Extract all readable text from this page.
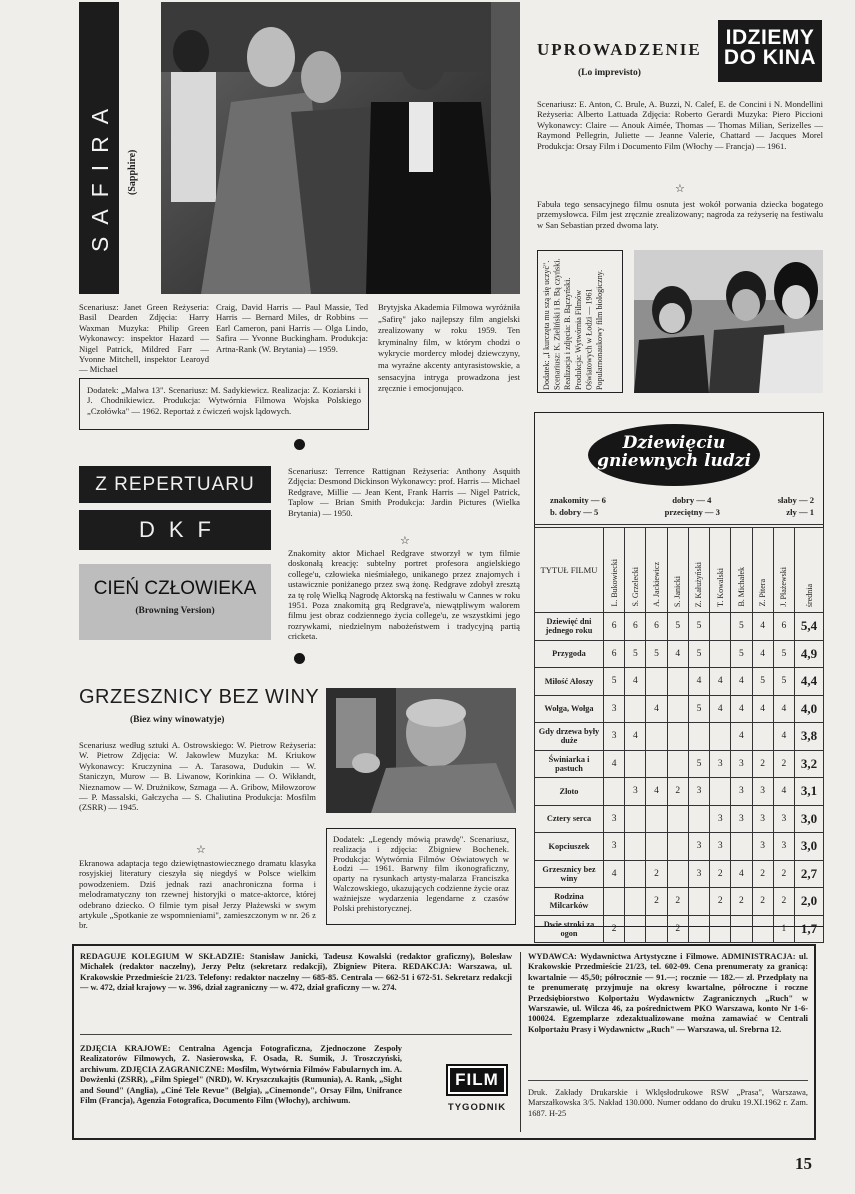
SAFIRA (Sapphire)
Scenariusz: Janet Green Reżyseria: Basil Dearden Zdjęcia: Harry Waxman Muzyka: Philip Green Wykonawcy: inspektor Hazard — Nigel Patrick, Mildred Farr — Yvonne Mitchell, inspektor Learoyd — Michael
Craig, David Harris — Paul Massie, Ted Harris — Bernard Miles, dr Robbins — Earl Cameron, pani Harris — Olga Lindo, Safira — Yvonne Buckingham. Produkcja: Artna-Rank (W. Brytania) — 1959.
Brytyjska Akademia Filmowa wyróżniła „Safirę" jako najlepszy film angielski zrealizowany w roku 1959. Ten kryminalny film, w którym chodzi o wykrycie mordercy młodej dziewczyny, ma wyraźne akcenty antyrasistowskie, a sensacyjna intryga prowadzona jest zręcznie i emocjonująco.
Dodatek: „Malwa 13". Scenariusz: M. Sadykiewicz. Realizacja: Z. Koziarski i J. Chodnikiewicz. Produkcja: Wytwórnia Filmowa Wojska Polskiego „Czołówka" — 1962. Reportaż z ćwiczeń wojsk lądowych.
UPROWADZENIE
(Lo imprevisto)
IDZIEMY
DO KINA
Scenariusz: E. Anton, C. Brule, A. Buzzi, N. Calef, E. de Concini i N. Mondellini Reżyseria: Alberto Lattuada Zdjęcia: Roberto Gerardi Muzyka: Piero Piccioni Wykonawcy: Claire — Anouk Aimée, Thomas — Thomas Milian, Serizelles — Raymond Pellegrin, Juliette — Jeanne Valerie, Chattard — Jacques Morel Produkcja: Orsay Film i Documento Film (Włochy — Francja) — 1961.
☆
Fabuła tego sensacyjnego filmu osnuta jest wokół porwania dziecka bogatego przemysłowca. Film jest zręcznie zrealizowany; nagroda za reżyserię na festiwalu w San Sebastian przed dwoma laty.
Dodatek: „I kurczęta mu szą się uczyć". Scenariusz: K. Zieliński i B. Bą czyński. Realizacja i zdjęcia: B. Bączyński. Produkcja: Wytwórnia Filmów Oświatowych w Łodzi — 1961 Popularnonaukowy film biologiczny.
Z REPERTUARU
DKF
CIEŃ CZŁOWIEKA
(Browning Version)
Scenariusz: Terrence Rattignan Reżyseria: Anthony Asquith Zdjęcia: Desmond Dickinson Wykonawcy: prof. Harris — Michael Redgrave, Millie — Jean Kent, Frank Harris — Nigel Patrick, Taplow — Brian Smith Produkcja: Jardin Pictures (Wielka Brytania) — 1950.
☆
Znakomity aktor Michael Redgrave stworzył w tym filmie doskonałą kreację: subtelny portret profesora angielskiego college'u, człowieka nieśmiałego, unikanego przez znajomych i ustawicznie poniżanego przez swą żonę. Redgrave zdobył zresztą za tę rolę Wielką Nagrodę Aktorską na festiwalu w Cannes w roku 1951. Poza znakomitą grą Redgrave'a, niewątpliwym walorem filmu jest obraz codziennego życia college'u, ze wszystkimi jego rozrywkami, niedzielnym nabożeństwem i tradycyjną partią cricketa.
GRZESZNICY BEZ WINY
(Biez winy winowatyje)
Scenariusz według sztuki A. Ostrowskiego: W. Pietrow Reżyseria: W. Pietrow Zdjęcia: W. Jakowlew Muzyka: M. Kriukow Wykonawcy: Kruczynina — A. Tarasowa, Dudukin — W. Staniczyn, Murow — B. Liwanow, Korinkina — O. Wikłandt, Nieznamow — W. Drużnikow, Szmaga — A. Gribow, Miłowzorow — P. Massalski, Gałczycha — S. Chaliutina Produkcja: Mosfilm (ZSRR) — 1945.
☆
Ekranowa adaptacja tego dziewiętnastowiecznego dramatu klasyka rosyjskiej literatury cieszyła się niegdyś w Polsce wielkim powodzeniem. Dziś jednak razi anachroniczna forma i melodramatyczny ton rzewnej historyjki o matce-aktorce, której odebrano dziecko. O filmie tym pisał Jerzy Płażewski w swym artykule „Spotkanie ze wspomnieniami", zamieszczonym w nr. 26 z br.
Dodatek: „Legendy mówią prawdę". Scenariusz, realizacja i zdjęcia: Zbigniew Bochenek. Produkcja: Wytwórnia Filmów Oświatowych w Łodzi — 1961. Barwny film ikonograficzny, oparty na rysunkach artysty-malarza Franciszka Walczowskiego, ukazujących codzienne życie oraz ważniejsze wydarzenia legendarne z czasów Polski prehistorycznej.
Dziewięciu
gniewnych ludzi
znakomity — 6	dobry — 4	słaby — 2
b. dobry — 5	przeciętny — 3	zły — 1
TYTUŁ FILMU	L. Bukowiecki	S. Grzelecki	A. Jackiewicz	S. Janicki	Z. Kałużyński	T. Kowalski	B. Michałek	Z. Pitera	J. Płażewski	średnia
Dziewięć dni jednego roku	6	6	6	5	5		5	4	6	5,4
Przygoda	6	5	5	4	5		5	4	5	4,9
Miłość Ałoszy	5	4			4	4	4	5	5	4,4
Wołga, Wołga	3		4		5	4	4	4	4	4,0
Gdy drzewa były duże	3	4					4		4	3,8
Świniarka i pastuch	4				5	3	3	2	2	3,2
Złoto		3	4	2	3		3	3	4	3,1
Cztery serca	3					3	3	3	3	3,0
Kopciuszek	3				3	3		3	3	3,0
Grzesznicy bez winy	4		2		3	2	4	2	2	2,7
Rodzina Milcarków			2	2		2	2	2	2	2,0
Dwie stroki za ogon	2			2					1	1,7
REDAGUJE KOLEGIUM W SKŁADZIE: Stanisław Janicki, Tadeusz Kowalski (redaktor graficzny), Bolesław Michałek (redaktor naczelny), Jerzy Peltz (sekretarz redakcji), Zbigniew Pitera. REDAKCJA: Warszawa, ul. Krakowskie Przedmieście 21/23. Telefony: redaktor naczelny — 685-85. Centrala — 662-51 i 672-51. Sekretarz redakcji — w. 472, dział krajowy — w. 396, dział zagraniczny — w. 472, dział graficzny — w. 274.
ZDJĘCIA KRAJOWE: Centralna Agencja Fotograficzna, Zjednoczone Zespoły Realizatorów Filmowych, Z. Nasierowska, F. Osada, R. Sumik, J. Troszczyński, archiwum. ZDJĘCIA ZAGRANICZNE: Mosfilm, Wytwórnia Filmów Fabularnych im. A. Dowżenki (ZSRR), „Film Spiegel" (NRD), W. Kryszczukajtis (Rumunia), A. Rank, „Sight and Sound" (Anglia), „Ciné Tele Revue" (Belgia), „Cinemonde", Orsay Film, Unifrance Film (Francja), Agenzia Fotografica, Documento Film (Włochy), archiwum.
FILM
TYGODNIK
WYDAWCA: Wydawnictwa Artystyczne i Filmowe. ADMINISTRACJA: ul. Krakowskie Przedmieście 21/23, tel. 602-09. Cena prenumeraty za granicą: kwartalnie — 45,50; półrocznie — 91.—; rocznie — 182.— zł. Przedpłaty na te prenumeratę przyjmuje na okresy kwartalne, półroczne i roczne Przedsiębiorstwo Kolportażu Wydawnictw Zagranicznych „Ruch" w Warszawie, ul. Wilcza 46, za pośrednictwem PKO Warszawa, konto Nr 1-6-100024. Egzemplarze zdezaktualizowane można zamawiać w Centrali Kolportażu Prasy i Wydawnictw „Ruch" — Warszawa, ul. Srebrna 12.
Druk. Zakłady Drukarskie i Wklęsłodrukowe RSW „Prasa", Warszawa, Marszałkowska 3/5. Nakład 130.000. Numer oddano do druku 19.XI.1962 r. Zam. 1687. H-25
15
